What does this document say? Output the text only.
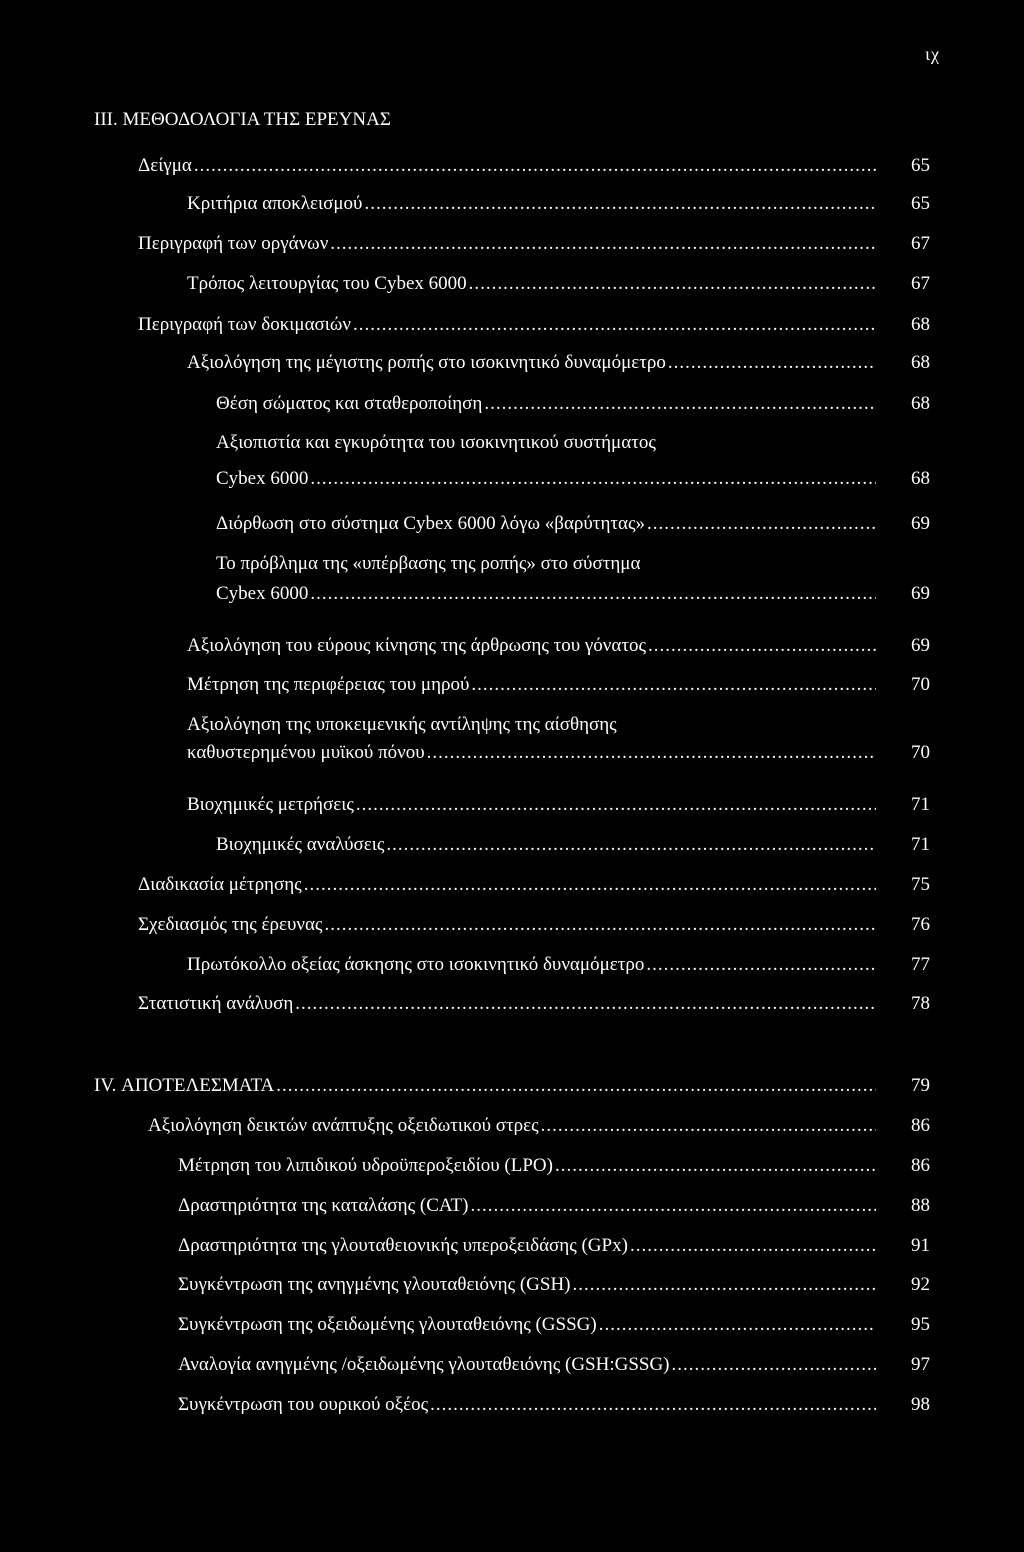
ιχ
III. ΜΕΘΟΔΟΛΟΓΙΑ ΤΗΣ ΕΡΕΥΝΑΣ
Δείγμα .....	65
Κριτήρια αποκλεισμού .....	65
Περιγραφή των οργάνων .....	67
Τρόπος λειτουργίας του Cybex 6000 .....	67
Περιγραφή των δοκιμασιών .....	68
Αξιολόγηση της μέγιστης ροπής στο ισοκινητικό δυναμόμετρο .....	68
Θέση σώματος και σταθεροποίηση .....	68
Αξιοπιστία και εγκυρότητα του ισοκινητικού συστήματος
Cybex 6000 .....	68
Διόρθωση στο σύστημα Cybex 6000 λόγω «βαρύτητας» .....	69
Το πρόβλημα της «υπέρβασης της ροπής» στο σύστημα
Cybex 6000 .....	69
Αξιολόγηση του εύρους κίνησης της άρθρωσης του γόνατος .....	69
Μέτρηση της περιφέρειας του μηρού .....	70
Αξιολόγηση της υποκειμενικής αντίληψης της αίσθησης
καθυστερημένου μυϊκού πόνου .....	70
Βιοχημικές μετρήσεις .....	71
Βιοχημικές αναλύσεις .....	71
Διαδικασία μέτρησης .....	75
Σχεδιασμός της έρευνας .....	76
Πρωτόκολλο οξείας άσκησης στο ισοκινητικό δυναμόμετρο .....	77
Στατιστική ανάλυση .....	78
IV. ΑΠΟΤΕΛΕΣΜΑΤΑ .....	79
Αξιολόγηση δεικτών ανάπτυξης οξειδωτικού στρες .....	86
Μέτρηση του λιπιδικού υδροϋπεροξειδίου (LPO) .....	86
Δραστηριότητα της καταλάσης (CAT) .....	88
Δραστηριότητα της γλουταθειονικής υπεροξειδάσης (GPx) .....	91
Συγκέντρωση της ανηγμένης γλουταθειόνης (GSH) .....	92
Συγκέντρωση της οξειδωμένης γλουταθειόνης (GSSG) .....	95
Αναλογία ανηγμένης /οξειδωμένης γλουταθειόνης (GSH:GSSG) .....	97
Συγκέντρωση του ουρικού οξέος .....	98
